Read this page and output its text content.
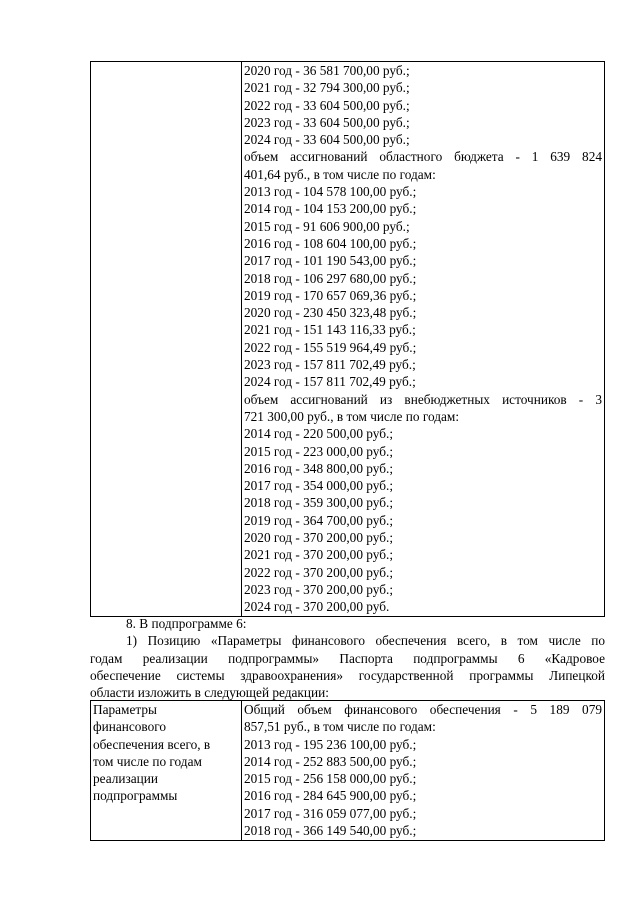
2020 год - 36 581 700,00 руб.;
2021 год - 32 794 300,00 руб.;
2022 год - 33 604 500,00 руб.;
2023 год - 33 604 500,00 руб.;
2024 год - 33 604 500,00 руб.;
объем ассигнований областного бюджета - 1 639 824
401,64 руб., в том числе по годам:
2013 год - 104 578 100,00 руб.;
2014 год - 104 153 200,00 руб.;
2015 год - 91 606 900,00 руб.;
2016 год - 108 604 100,00 руб.;
2017 год - 101 190 543,00 руб.;
2018 год - 106 297 680,00 руб.;
2019 год - 170 657 069,36 руб.;
2020 год - 230 450 323,48 руб.;
2021 год - 151 143 116,33 руб.;
2022 год - 155 519 964,49 руб.;
2023 год - 157 811 702,49 руб.;
2024 год - 157 811 702,49 руб.;
объем ассигнований из внебюджетных источников - 3
721 300,00 руб., в том числе по годам:
2014 год - 220 500,00 руб.;
2015 год - 223 000,00 руб.;
2016 год - 348 800,00 руб.;
2017 год - 354 000,00 руб.;
2018 год - 359 300,00 руб.;
2019 год - 364 700,00 руб.;
2020 год - 370 200,00 руб.;
2021 год - 370 200,00 руб.;
2022 год - 370 200,00 руб.;
2023 год - 370 200,00 руб.;
2024 год - 370 200,00 руб.
8. В подпрограмме 6:
1) Позицию «Параметры финансового обеспечения всего, в том числе по
годам реализации подпрограммы» Паспорта подпрограммы 6 «Кадровое
обеспечение системы здравоохранения» государственной программы Липецкой
области изложить в следующей редакции:
Параметры
финансового
обеспечения всего, в
том числе по годам
реализации
подпрограммы

Общий объем финансового обеспечения - 5 189 079
857,51 руб., в том числе по годам:
2013 год - 195 236 100,00 руб.;
2014 год - 252 883 500,00 руб.;
2015 год - 256 158 000,00 руб.;
2016 год - 284 645 900,00 руб.;
2017 год - 316 059 077,00 руб.;
2018 год - 366 149 540,00 руб.;
